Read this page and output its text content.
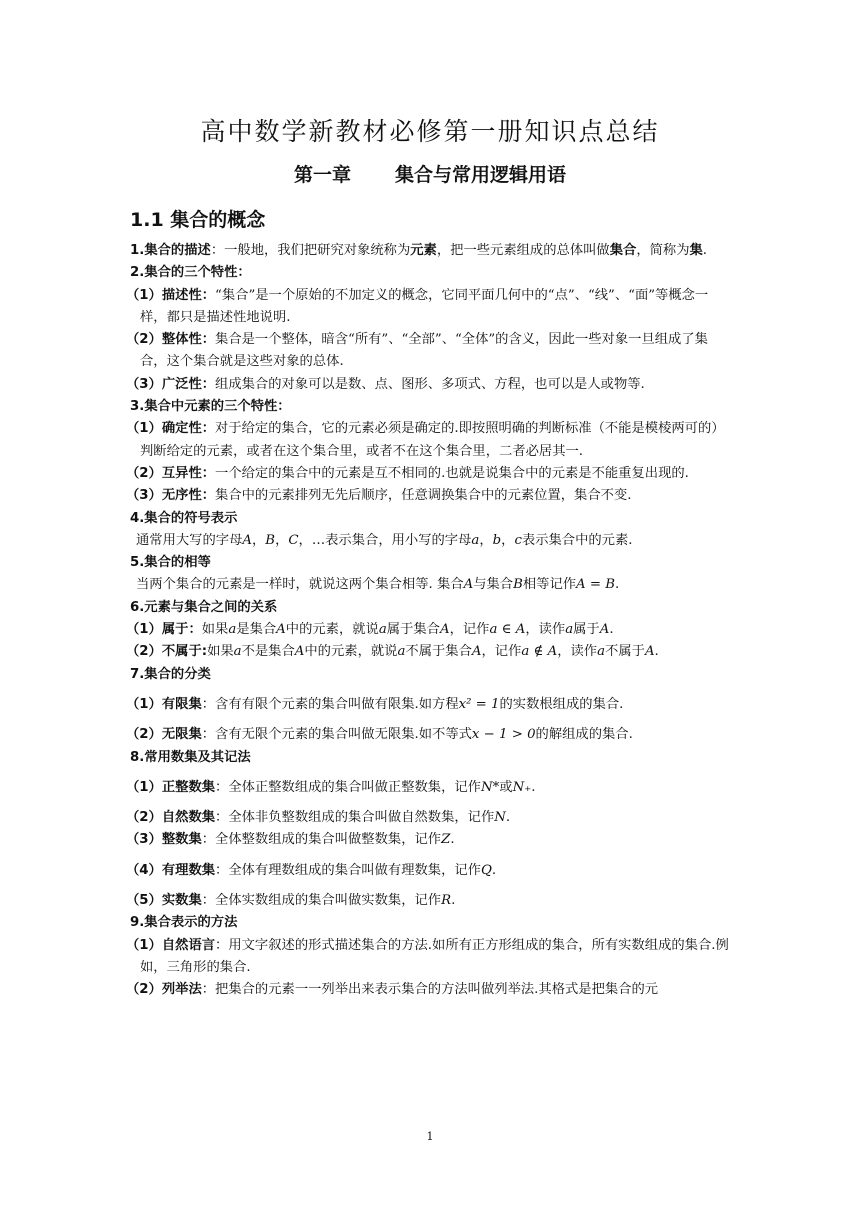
高中数学新教材必修第一册知识点总结
第一章 集合与常用逻辑用语
1.1 集合的概念

1.集合的描述：一般地，我们把研究对象统称为元素，把一些元素组成的总体叫做集合，简称为集.

2.集合的三个特性：

（1）描述性：“集合”是一个原始的不加定义的概念，它同平面几何中的“点”、“线”、“面”等概念一样，都只是描述性地说明.

（2）整体性：集合是一个整体，暗含“所有”、“全部”、“全体”的含义，因此一些对象一旦组成了集合，这个集合就是这些对象的总体.

（3）广泛性：组成集合的对象可以是数、点、图形、多项式、方程，也可以是人或物等.

3.集合中元素的三个特性：

（1）确定性：对于给定的集合，它的元素必须是确定的.即按照明确的判断标准（不能是模棱两可的）判断给定的元素，或者在这个集合里，或者不在这个集合里，二者必居其一.

（2）互异性：一个给定的集合中的元素是互不相同的.也就是说集合中的元素是不能重复出现的.

（3）无序性：集合中的元素排列无先后顺序，任意调换集合中的元素位置，集合不变.

4.集合的符号表示

通常用大写的字母A，B，C，…表示集合，用小写的字母a，b，c表示集合中的元素.

5.集合的相等

当两个集合的元素是一样时，就说这两个集合相等. 集合A与集合B相等记作A = B.

6.元素与集合之间的关系

（1）属于：如果a是集合A中的元素，就说a属于集合A，记作a ∈ A，读作a属于A.

（2）不属于:如果a不是集合A中的元素，就说a不属于集合A，记作a ∉ A，读作a不属于A.

7.集合的分类

（1）有限集：含有有限个元素的集合叫做有限集.如方程x² = 1的实数根组成的集合.

（2）无限集：含有无限个元素的集合叫做无限集.如不等式x − 1 > 0的解组成的集合.

8.常用数集及其记法

（1）正整数集：全体正整数组成的集合叫做正整数集，记作N*或N₊.

（2）自然数集：全体非负整数组成的集合叫做自然数集，记作N.

（3）整数集：全体整数组成的集合叫做整数集，记作Z.

（4）有理数集：全体有理数组成的集合叫做有理数集，记作Q.

（5）实数集：全体实数组成的集合叫做实数集，记作R.

9.集合表示的方法

（1）自然语言：用文字叙述的形式描述集合的方法.如所有正方形组成的集合，所有实数组成的集合.例如，三角形的集合.

（2）列举法：把集合的元素一一列举出来表示集合的方法叫做列举法.其格式是把集合的元

1
